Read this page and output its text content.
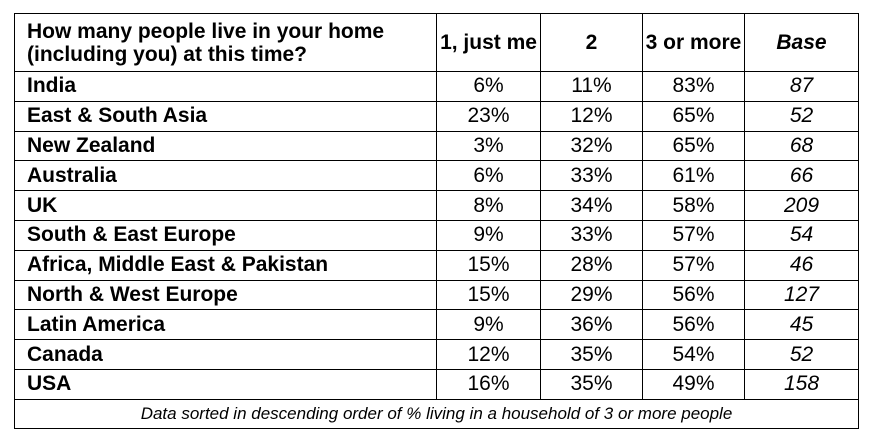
How many people live in your home (including you) at this time?	1, just me	2	3 or more	Base
India	6%	11%	83%	87
East & South Asia	23%	12%	65%	52
New Zealand	3%	32%	65%	68
Australia	6%	33%	61%	66
UK	8%	34%	58%	209
South & East Europe	9%	33%	57%	54
Africa, Middle East & Pakistan	15%	28%	57%	46
North & West Europe	15%	29%	56%	127
Latin America	9%	36%	56%	45
Canada	12%	35%	54%	52
USA	16%	35%	49%	158
Data sorted in descending order of % living in a household of 3 or more people				
